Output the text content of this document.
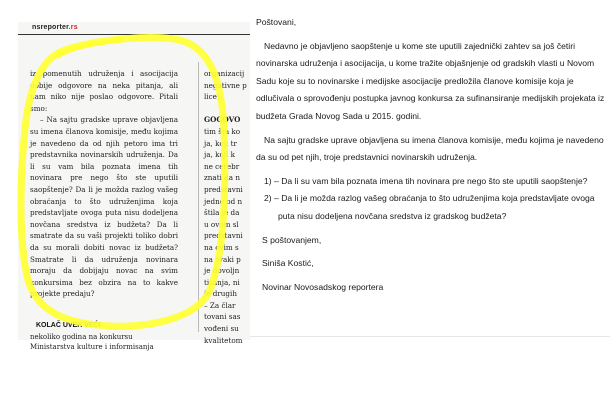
nsreporter.rs

iz pomenutih udruženja i asocijacija dobije odgovore na neka pitanja, ali nam niko nije poslao odgovore. Pitali smo:

– Na sajtu gradske uprave objavljena su imena članova komisije, među kojima je navedeno da od njih petoro ima tri predstavnika novinarskih udruženja. Da li su vam bila poznata imena tih novinara pre nego što ste uputili saopštenje? Da li je možda razlog vašeg obraćanja to što udruženjima koja predstavljate ovoga puta nisu dodeljena novčana sredstva iz budžeta? Da li smatrate da su vaši projekti toliko dobri da su morali dobiti novac iz budžeta? Smatrate li da udruženja novinara moraju da dobijaju novac na svim konkursima bez obzira na to kakve projekte predaju?

organizacij
negativne p
lice).
GOGOVO
tim šta ko
ja, koji tr
ja, koji k
ne cerebr
znati da n
predstavni
jedne od n
štila je da
u ovom sl
predstavni
na ovim s
na svaki p
je dovoljn
tisanja, ni
je drugih
– Za člar
tovani sas
vođeni su
kvalitetom
KOLAČ UVEK VEĆI
nekoliko godina na konkursu
Ministarstva kulture i informisanja

Poštovani,

Nedavno je objavljeno saopštenje u kome ste uputili zajednički zahtev sa još četiri novinarska udruženja i asocijacija, u kome tražite objašnjenje od gradskih vlasti u Novom Sadu koje su to novinarske i medijske asocijacije predložila članove komisije koja je odlučivala o sprovođenju postupka javnog konkursa za sufinansiranje medijskih projekata iz budžeta Grada Novog Sada u 2015. godini.

Na sajtu gradske uprave objavljena su imena članova komisije, među kojima je navedeno da su od pet njih, troje predstavnici novinarskih udruženja.

1) – Da li su vam bila poznata imena tih novinara pre nego što ste uputili saopštenje?

2) – Da li je možda razlog vašeg obraćanja to što udruženjima koja predstavljate ovoga puta nisu dodeljena novčana sredstva iz gradskog budžeta?

S poštovanjem,

Siniša Kostić,

Novinar Novosadskog reportera
